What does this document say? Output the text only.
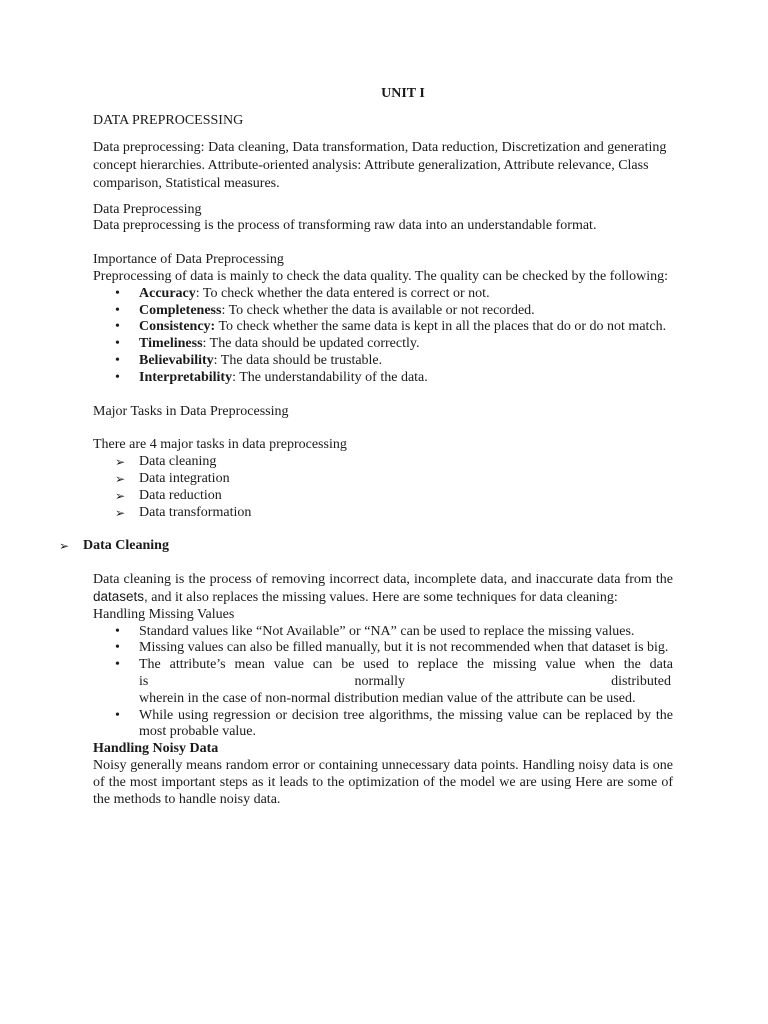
UNIT I

DATA PREPROCESSING

Data preprocessing: Data cleaning, Data transformation, Data reduction, Discretization and generating concept hierarchies. Attribute-oriented analysis: Attribute generalization, Attribute relevance, Class comparison, Statistical measures.

Data Preprocessing

Data preprocessing is the process of transforming raw data into an understandable format.

Importance of Data Preprocessing

Preprocessing of data is mainly to check the data quality. The quality can be checked by the following:

• Accuracy: To check whether the data entered is correct or not.
• Completeness: To check whether the data is available or not recorded.
• Consistency: To check whether the same data is kept in all the places that do or do not match.
• Timeliness: The data should be updated correctly.
• Believability: The data should be trustable.
• Interpretability: The understandability of the data.

Major Tasks in Data Preprocessing

There are 4 major tasks in data preprocessing

➢ Data cleaning
➢ Data integration
➢ Data reduction
➢ Data transformation

➢ Data Cleaning

Data cleaning is the process of removing incorrect data, incomplete data, and inaccurate data from the datasets, and it also replaces the missing values. Here are some techniques for data cleaning:

Handling Missing Values

• Standard values like “Not Available” or “NA” can be used to replace the missing values.
• Missing values can also be filled manually, but it is not recommended when that dataset is big.
• The attribute’s mean value can be used to replace the missing value when the data
is	normally	distributed
wherein in the case of non-normal distribution median value of the attribute can be used.
• While using regression or decision tree algorithms, the missing value can be replaced by the most probable value.

Handling Noisy Data

Noisy generally means random error or containing unnecessary data points. Handling noisy data is one of the most important steps as it leads to the optimization of the model we are using Here are some of the methods to handle noisy data.
